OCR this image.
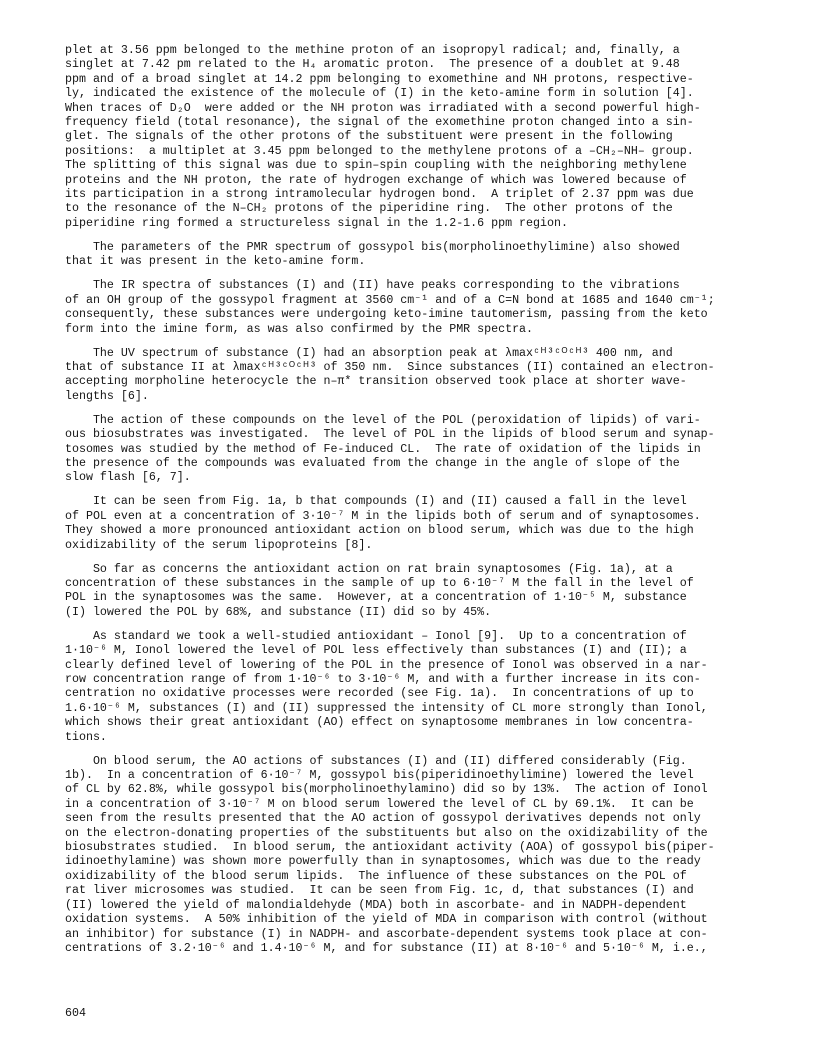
plet at 3.56 ppm belonged to the methine proton of an isopropyl radical; and, finally, a
singlet at 7.42 pm related to the H₄ aromatic proton.  The presence of a doublet at 9.48
ppm and of a broad singlet at 14.2 ppm belonging to exomethine and NH protons, respective-
ly, indicated the existence of the molecule of (I) in the keto-amine form in solution [4].
When traces of D₂O  were added or the NH proton was irradiated with a second powerful high-
frequency field (total resonance), the signal of the exomethine proton changed into a sin-
glet. The signals of the other protons of the substituent were present in the following
positions:  a multiplet at 3.45 ppm belonged to the methylene protons of a –CH₂–NH– group.
The splitting of this signal was due to spin–spin coupling with the neighboring methylene
proteins and the NH proton, the rate of hydrogen exchange of which was lowered because of
its participation in a strong intramolecular hydrogen bond.  A triplet of 2.37 ppm was due
to the resonance of the N–CH₂ protons of the piperidine ring.  The other protons of the
piperidine ring formed a structureless signal in the 1.2-1.6 ppm region.

The parameters of the PMR spectrum of gossypol bis(morpholinoethylimine) also showed
that it was present in the keto-amine form.

The IR spectra of substances (I) and (II) have peaks corresponding to the vibrations
of an OH group of the gossypol fragment at 3560 cm⁻¹ and of a C=N bond at 1685 and 1640 cm⁻¹;
consequently, these substances were undergoing keto-imine tautomerism, passing from the keto
form into the imine form, as was also confirmed by the PMR spectra.

The UV spectrum of substance (I) had an absorption peak at λmaxᶜᴴ³ᶜᴼᶜᴴ³ 400 nm, and
that of substance II at λmaxᶜᴴ³ᶜᴼᶜᴴ³ of 350 nm.  Since substances (II) contained an electron-
accepting morpholine heterocycle the n–π* transition observed took place at shorter wave-
lengths [6].

The action of these compounds on the level of the POL (peroxidation of lipids) of vari-
ous biosubstrates was investigated.  The level of POL in the lipids of blood serum and synap-
tosomes was studied by the method of Fe-induced CL.  The rate of oxidation of the lipids in
the presence of the compounds was evaluated from the change in the angle of slope of the
slow flash [6, 7].

It can be seen from Fig. 1a, b that compounds (I) and (II) caused a fall in the level
of POL even at a concentration of 3·10⁻⁷ M in the lipids both of serum and of synaptosomes.
They showed a more pronounced antioxidant action on blood serum, which was due to the high
oxidizability of the serum lipoproteins [8].

So far as concerns the antioxidant action on rat brain synaptosomes (Fig. 1a), at a
concentration of these substances in the sample of up to 6·10⁻⁷ M the fall in the level of
POL in the synaptosomes was the same.  However, at a concentration of 1·10⁻⁵ M, substance
(I) lowered the POL by 68%, and substance (II) did so by 45%.

As standard we took a well-studied antioxidant – Ionol [9].  Up to a concentration of
1·10⁻⁶ M, Ionol lowered the level of POL less effectively than substances (I) and (II); a
clearly defined level of lowering of the POL in the presence of Ionol was observed in a nar-
row concentration range of from 1·10⁻⁶ to 3·10⁻⁶ M, and with a further increase in its con-
centration no oxidative processes were recorded (see Fig. 1a).  In concentrations of up to
1.6·10⁻⁶ M, substances (I) and (II) suppressed the intensity of CL more strongly than Ionol,
which shows their great antioxidant (AO) effect on synaptosome membranes in low concentra-
tions.

On blood serum, the AO actions of substances (I) and (II) differed considerably (Fig.
1b).  In a concentration of 6·10⁻⁷ M, gossypol bis(piperidinoethylimine) lowered the level
of CL by 62.8%, while gossypol bis(morpholinoethylamino) did so by 13%.  The action of Ionol
in a concentration of 3·10⁻⁷ M on blood serum lowered the level of CL by 69.1%.  It can be
seen from the results presented that the AO action of gossypol derivatives depends not only
on the electron-donating properties of the substituents but also on the oxidizability of the
biosubstrates studied.  In blood serum, the antioxidant activity (AOA) of gossypol bis(piper-
idinoethylamine) was shown more powerfully than in synaptosomes, which was due to the ready
oxidizability of the blood serum lipids.  The influence of these substances on the POL of
rat liver microsomes was studied.  It can be seen from Fig. 1c, d, that substances (I) and
(II) lowered the yield of malondialdehyde (MDA) both in ascorbate- and in NADPH-dependent
oxidation systems.  A 50% inhibition of the yield of MDA in comparison with control (without
an inhibitor) for substance (I) in NADPH- and ascorbate-dependent systems took place at con-
centrations of 3.2·10⁻⁶ and 1.4·10⁻⁶ M, and for substance (II) at 8·10⁻⁶ and 5·10⁻⁶ M, i.e.,

604
